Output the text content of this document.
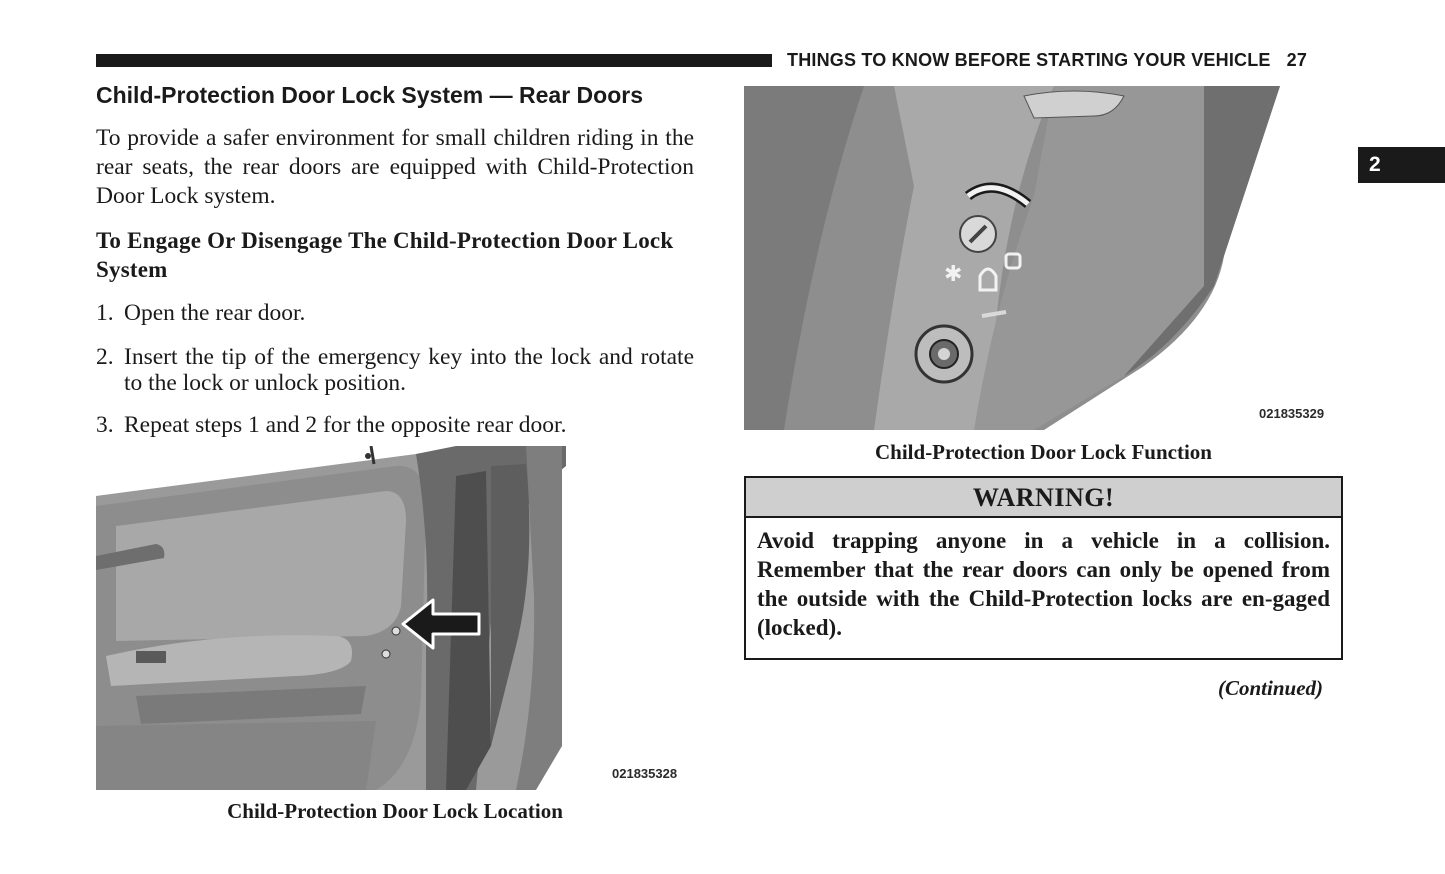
THINGS TO KNOW BEFORE STARTING YOUR VEHICLE 27
2
Child-Protection Door Lock System — Rear Doors

To provide a safer environment for small children riding in the rear seats, the rear doors are equipped with Child-Protection Door Lock system.

To Engage Or Disengage The Child-Protection Door Lock System
1. Open the rear door.
2. Insert the tip of the emergency key into the lock and rotate to the lock or unlock position.
3. Repeat steps 1 and 2 for the opposite rear door.
021835328
Child-Protection Door Lock Location
✱
021835329
Child-Protection Door Lock Function
WARNING!
Avoid trapping anyone in a vehicle in a collision. Remember that the rear doors can only be opened from the outside with the Child-Protection locks are en-gaged (locked).
(Continued)
